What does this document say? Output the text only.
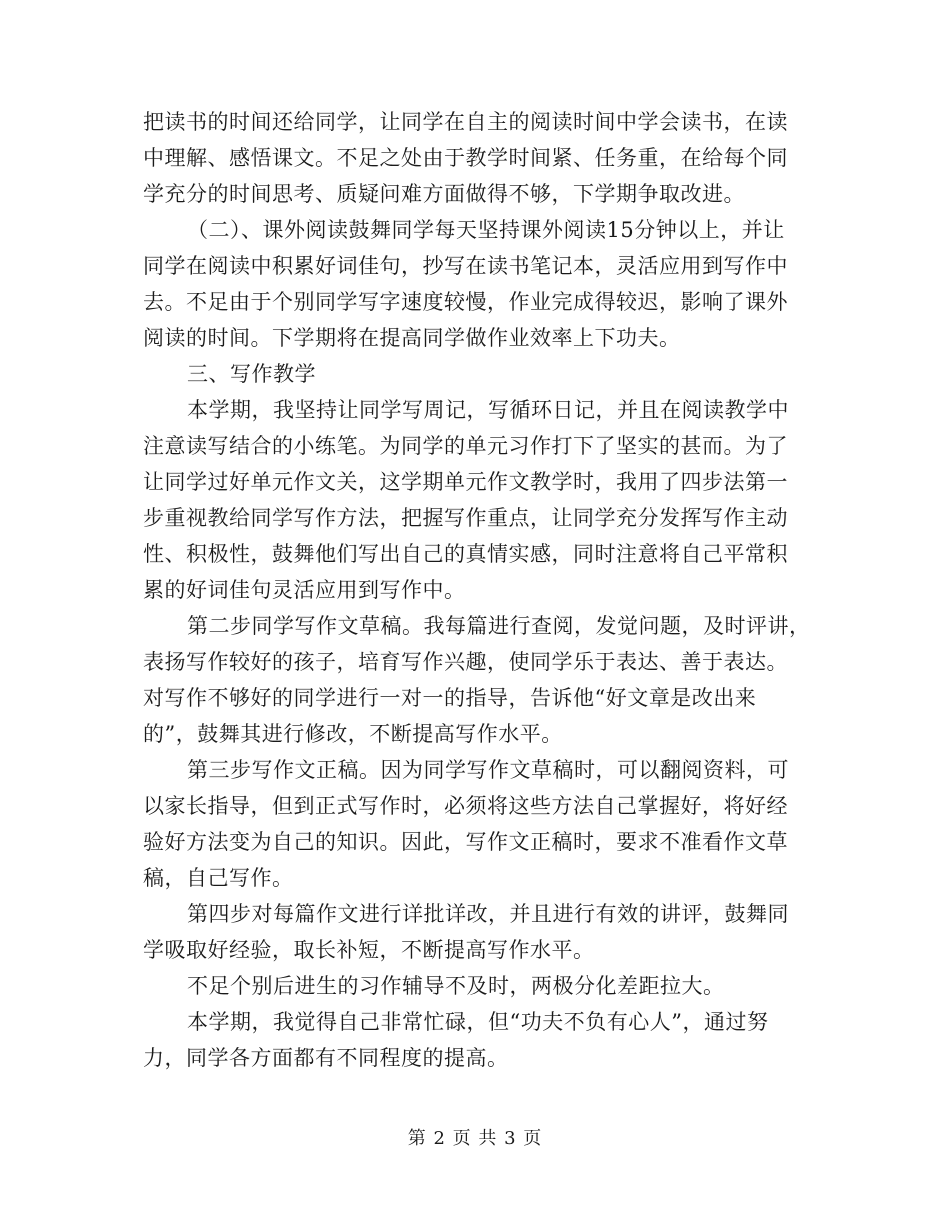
把读书的时间还给同学，让同学在自主的阅读时间中学会读书，在读
中理解、感悟课文。不足之处由于教学时间紧、任务重，在给每个同
学充分的时间思考、质疑问难方面做得不够，下学期争取改进。
（二）、课外阅读鼓舞同学每天坚持课外阅读15分钟以上，并让
同学在阅读中积累好词佳句，抄写在读书笔记本，灵活应用到写作中
去。不足由于个别同学写字速度较慢，作业完成得较迟，影响了课外
阅读的时间。下学期将在提高同学做作业效率上下功夫。
三、写作教学
本学期，我坚持让同学写周记，写循环日记，并且在阅读教学中
注意读写结合的小练笔。为同学的单元习作打下了坚实的甚而。为了
让同学过好单元作文关，这学期单元作文教学时，我用了四步法第一
步重视教给同学写作方法，把握写作重点，让同学充分发挥写作主动
性、积极性，鼓舞他们写出自己的真情实感，同时注意将自己平常积
累的好词佳句灵活应用到写作中。
第二步同学写作文草稿。我每篇进行查阅，发觉问题，及时评讲，
表扬写作较好的孩子，培育写作兴趣，使同学乐于表达、善于表达。
对写作不够好的同学进行一对一的指导，告诉他“好文章是改出来
的”，鼓舞其进行修改，不断提高写作水平。
第三步写作文正稿。因为同学写作文草稿时，可以翻阅资料，可
以家长指导，但到正式写作时，必须将这些方法自己掌握好，将好经
验好方法变为自己的知识。因此，写作文正稿时，要求不准看作文草
稿，自己写作。
第四步对每篇作文进行详批详改，并且进行有效的讲评，鼓舞同
学吸取好经验，取长补短，不断提高写作水平。
不足个别后进生的习作辅导不及时，两极分化差距拉大。
本学期，我觉得自己非常忙碌，但“功夫不负有心人”，通过努
力，同学各方面都有不同程度的提高。
第 2 页 共 3 页
